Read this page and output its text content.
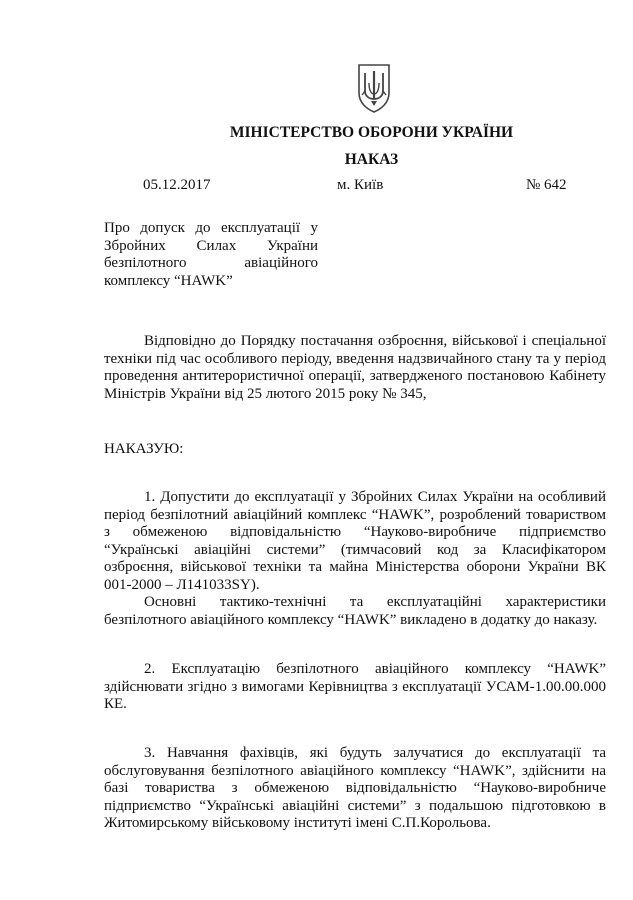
МІНІСТЕРСТВО ОБОРОНИ УКРАЇНИ
НАКАЗ
05.12.2017	м. Київ	№ 642
Про допуск до експлуатації у Збройних Силах України безпілотного авіаційного комплексу “HAWK”
Відповідно до Порядку постачання озброєння, військової і спеціальної техніки під час особливого періоду, введення надзвичайного стану та у період проведення антитерористичної операції, затвердженого постановою Кабінету Міністрів України від 25 лютого 2015 року № 345,
НАКАЗУЮ:

1. Допустити до експлуатації у Збройних Силах України на особливий період безпілотний авіаційний комплекс “HAWK”, розроблений товариством з обмеженою відповідальністю “Науково-виробниче підприємство “Українські авіаційні системи” (тимчасовий код за Класифікатором озброєння, військової техніки та майна Міністерства оборони України ВК 001-2000 – Л141033SY).

Основні тактико-технічні та експлуатаційні характеристики безпілотного авіаційного комплексу “HAWK” викладено в додатку до наказу.

2. Експлуатацію безпілотного авіаційного комплексу “HAWK” здійснювати згідно з вимогами Керівництва з експлуатації УСАМ-1.00.00.000 КЕ.
3. Навчання фахівців, які будуть залучатися до експлуатації та обслуговування безпілотного авіаційного комплексу “HAWK”, здійснити на базі товариства з обмеженою відповідальністю “Науково-виробниче підприємство “Українські авіаційні системи” з подальшою підготовкою в Житомирському військовому інституті імені С.П.Корольова.
